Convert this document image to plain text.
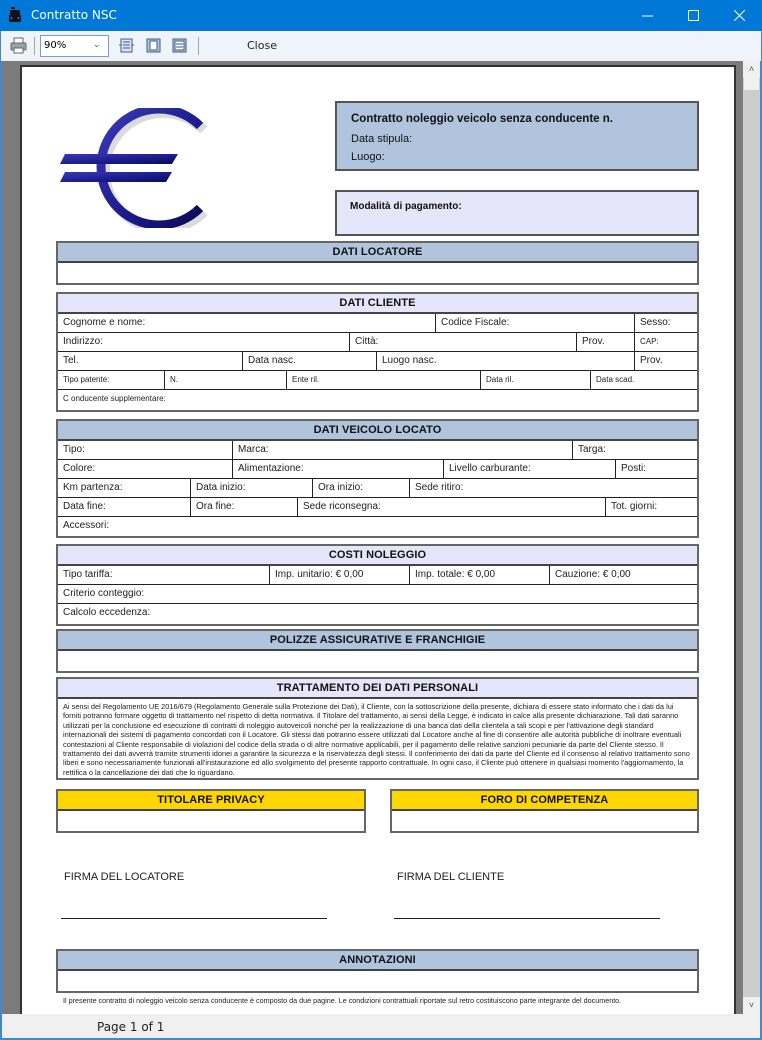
Contratto NSC
90%	⌄	Close
˄
˅
Contratto noleggio veicolo senza conducente n.
Data stipula:
Luogo:
Modalità di pagamento:
DATI LOCATORE
DATI CLIENTE
Cognome e nome:	Codice Fiscale:	Sesso:
Indirizzo:	Città:	Prov.	CAP:
Tel.	Data nasc.	Luogo nasc.	Prov.
Tipo patente:	N.	Ente ril.	Data ril.	Data scad.
C onducente supplementare:
DATI VEICOLO LOCATO
Tipo:	Marca:	Targa:
Colore:	Alimentazione:	Livello carburante:	Posti:
Km partenza:	Data inizio:	Ora inizio:	Sede ritiro:
Data fine:	Ora fine:	Sede riconsegna:	Tot. giorni:
Accessori:
COSTI NOLEGGIO
Tipo tariffa:	Imp. unitario: € 0,00	Imp. totale: € 0,00	Cauzione: € 0,00
Criterio conteggio:
Calcolo eccedenza:
POLIZZE ASSICURATIVE E FRANCHIGIE
TRATTAMENTO DEI DATI PERSONALI
Ai sensi del Regolamento UE 2016/679 (Regolamento Generale sulla Protezione dei Dati), il Cliente, con la sottoscrizione della presente, dichiara di essere stato informato che i dati da lui forniti potranno formare oggetto di trattamento nel rispetto di detta normativa. Il Titolare del trattamento, ai sensi della Legge, è indicato in calce alla presente dichiarazione. Tali dati saranno utilizzati per la conclusione ed esecuzione di contratti di noleggio autoveicoli nonché per la realizzazione di una banca dati della clientela a tali scopi e per l'attivazione degli standard internazionali dei sistemi di pagamento concordati con il Locatore. Gli stessi dati potranno essere utilizzati dal Locatore anche al fine di consentire alle autorità pubbliche di inoltrare eventuali contestazioni al Cliente responsabile di violazioni del codice della strada o di altre normative applicabili, per il pagamento delle relative sanzioni pecuniarie da parte del Cliente stesso. Il trattamento dei dati avverrà tramite strumenti idonei a garantire la sicurezza e la riservatezza degli stessi. Il conferimento dei dati da parte del Cliente ed il consenso al relativo trattamento sono liberi e sono necessariamente funzionali all'instaurazione ed allo svolgimento del presente rapporto contrattuale. In ogni caso, il Cliente può ottenere in qualsiasi momento l'aggiornamento, la rettifica o la cancellazione dei dati che lo riguardano.
TITOLARE PRIVACY	FORO DI COMPETENZA
FIRMA DEL LOCATORE	FIRMA DEL CLIENTE
ANNOTAZIONI
Il presente contratto di noleggio veicolo senza conducente è composto da due pagine. Le condizioni contrattuali riportate sul retro costituiscono parte integrante del documento.
Page 1 of 1
